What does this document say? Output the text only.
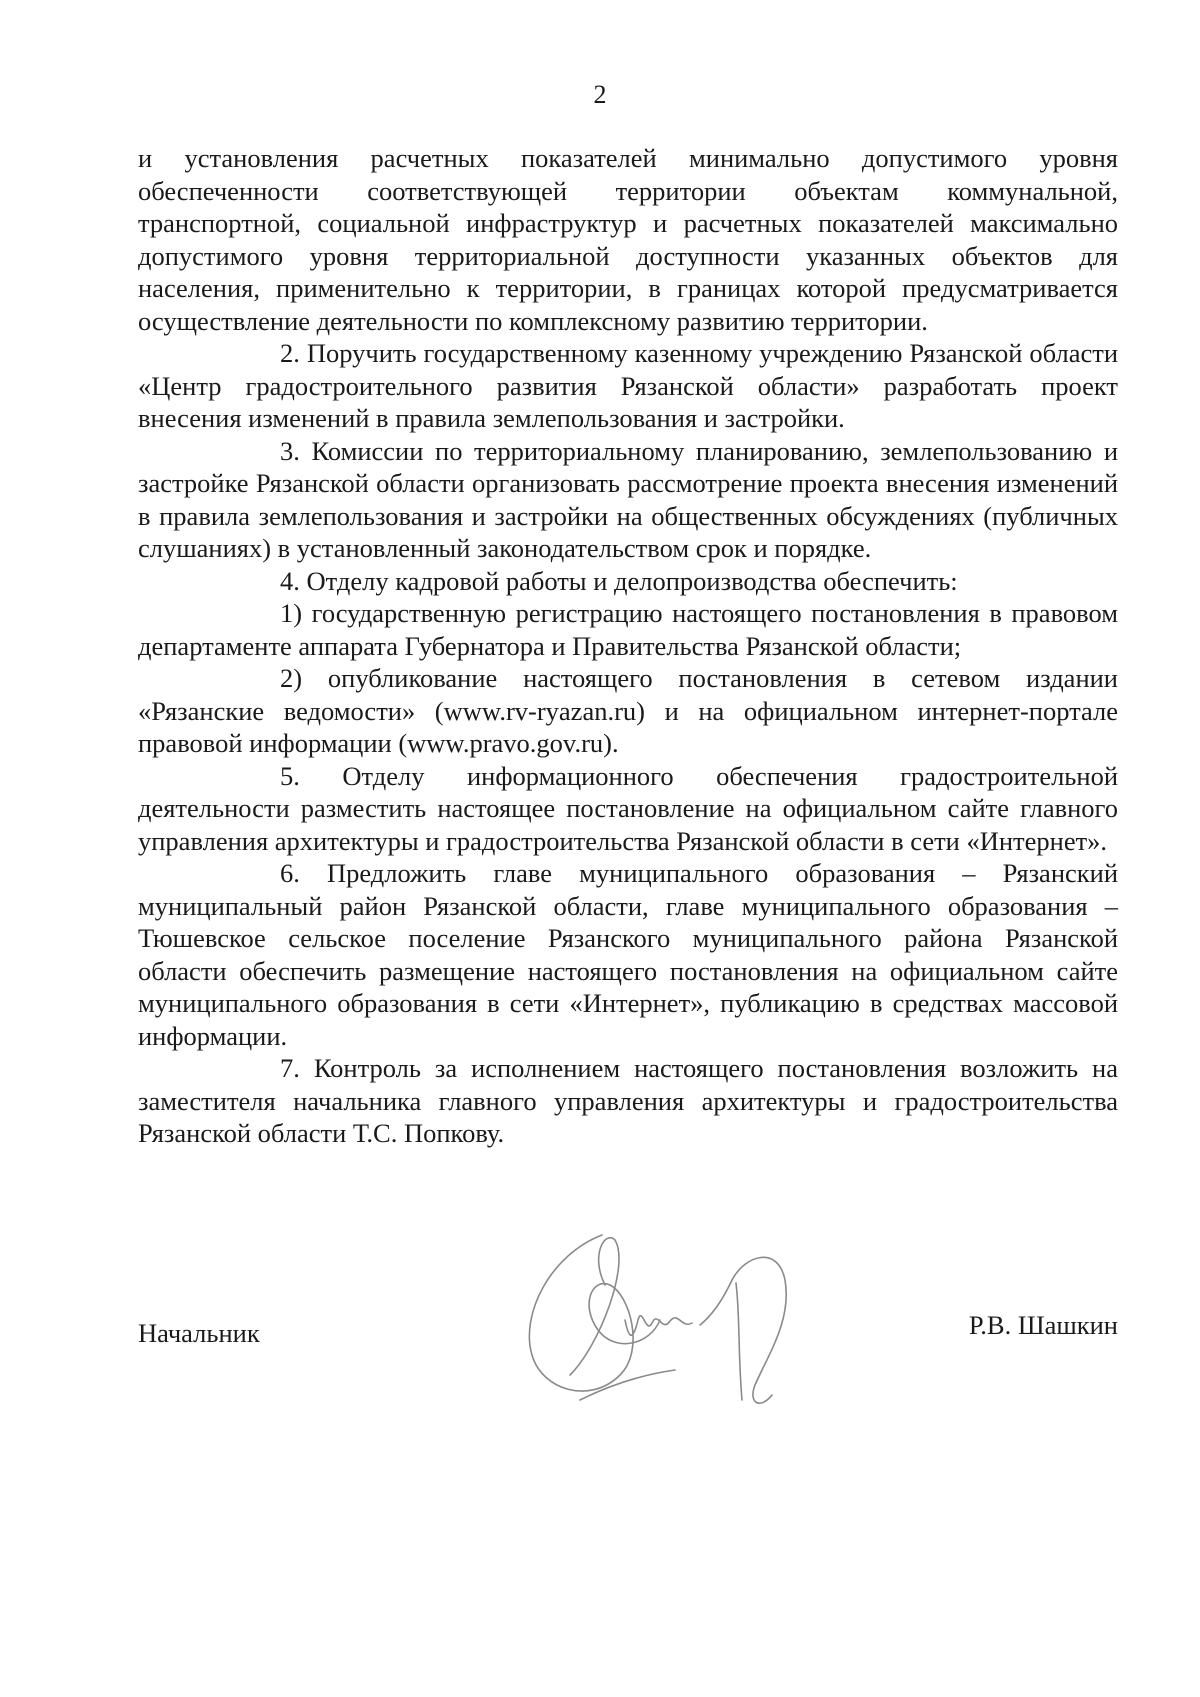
2

и установления расчетных показателей минимально допустимого уровня обеспеченности соответствующей территории объектам коммунальной, транспортной, социальной инфраструктур и расчетных показателей максимально допустимого уровня территориальной доступности указанных объектов для населения, применительно к территории, в границах которой предусматривается осуществление деятельности по комплексному развитию территории.

2. Поручить государственному казенному учреждению Рязанской области «Центр градостроительного развития Рязанской области» разработать проект внесения изменений в правила землепользования и застройки.

3. Комиссии по территориальному планированию, землепользованию и застройке Рязанской области организовать рассмотрение проекта внесения изменений в правила землепользования и застройки на общественных обсуждениях (публичных слушаниях) в установленный законодательством срок и порядке.

4. Отделу кадровой работы и делопроизводства обеспечить:

1) государственную регистрацию настоящего постановления в правовом департаменте аппарата Губернатора и Правительства Рязанской области;

2) опубликование настоящего постановления в сетевом издании «Рязанские ведомости» (www.rv-ryazan.ru) и на официальном интернет-портале правовой информации (www.pravo.gov.ru).

5. Отделу информационного обеспечения градостроительной деятельности разместить настоящее постановление на официальном сайте главного управления архитектуры и градостроительства Рязанской области в сети «Интернет».

6. Предложить главе муниципального образования – Рязанский муниципальный район Рязанской области, главе муниципального образования – Тюшевское сельское поселение Рязанского муниципального района Рязанской области обеспечить размещение настоящего постановления на официальном сайте муниципального образования в сети «Интернет», публикацию в средствах массовой информации.

7. Контроль за исполнением настоящего постановления возложить на заместителя начальника главного управления архитектуры и градостроительства Рязанской области Т.С. Попкову.

Начальник	Р.В. Шашкин
